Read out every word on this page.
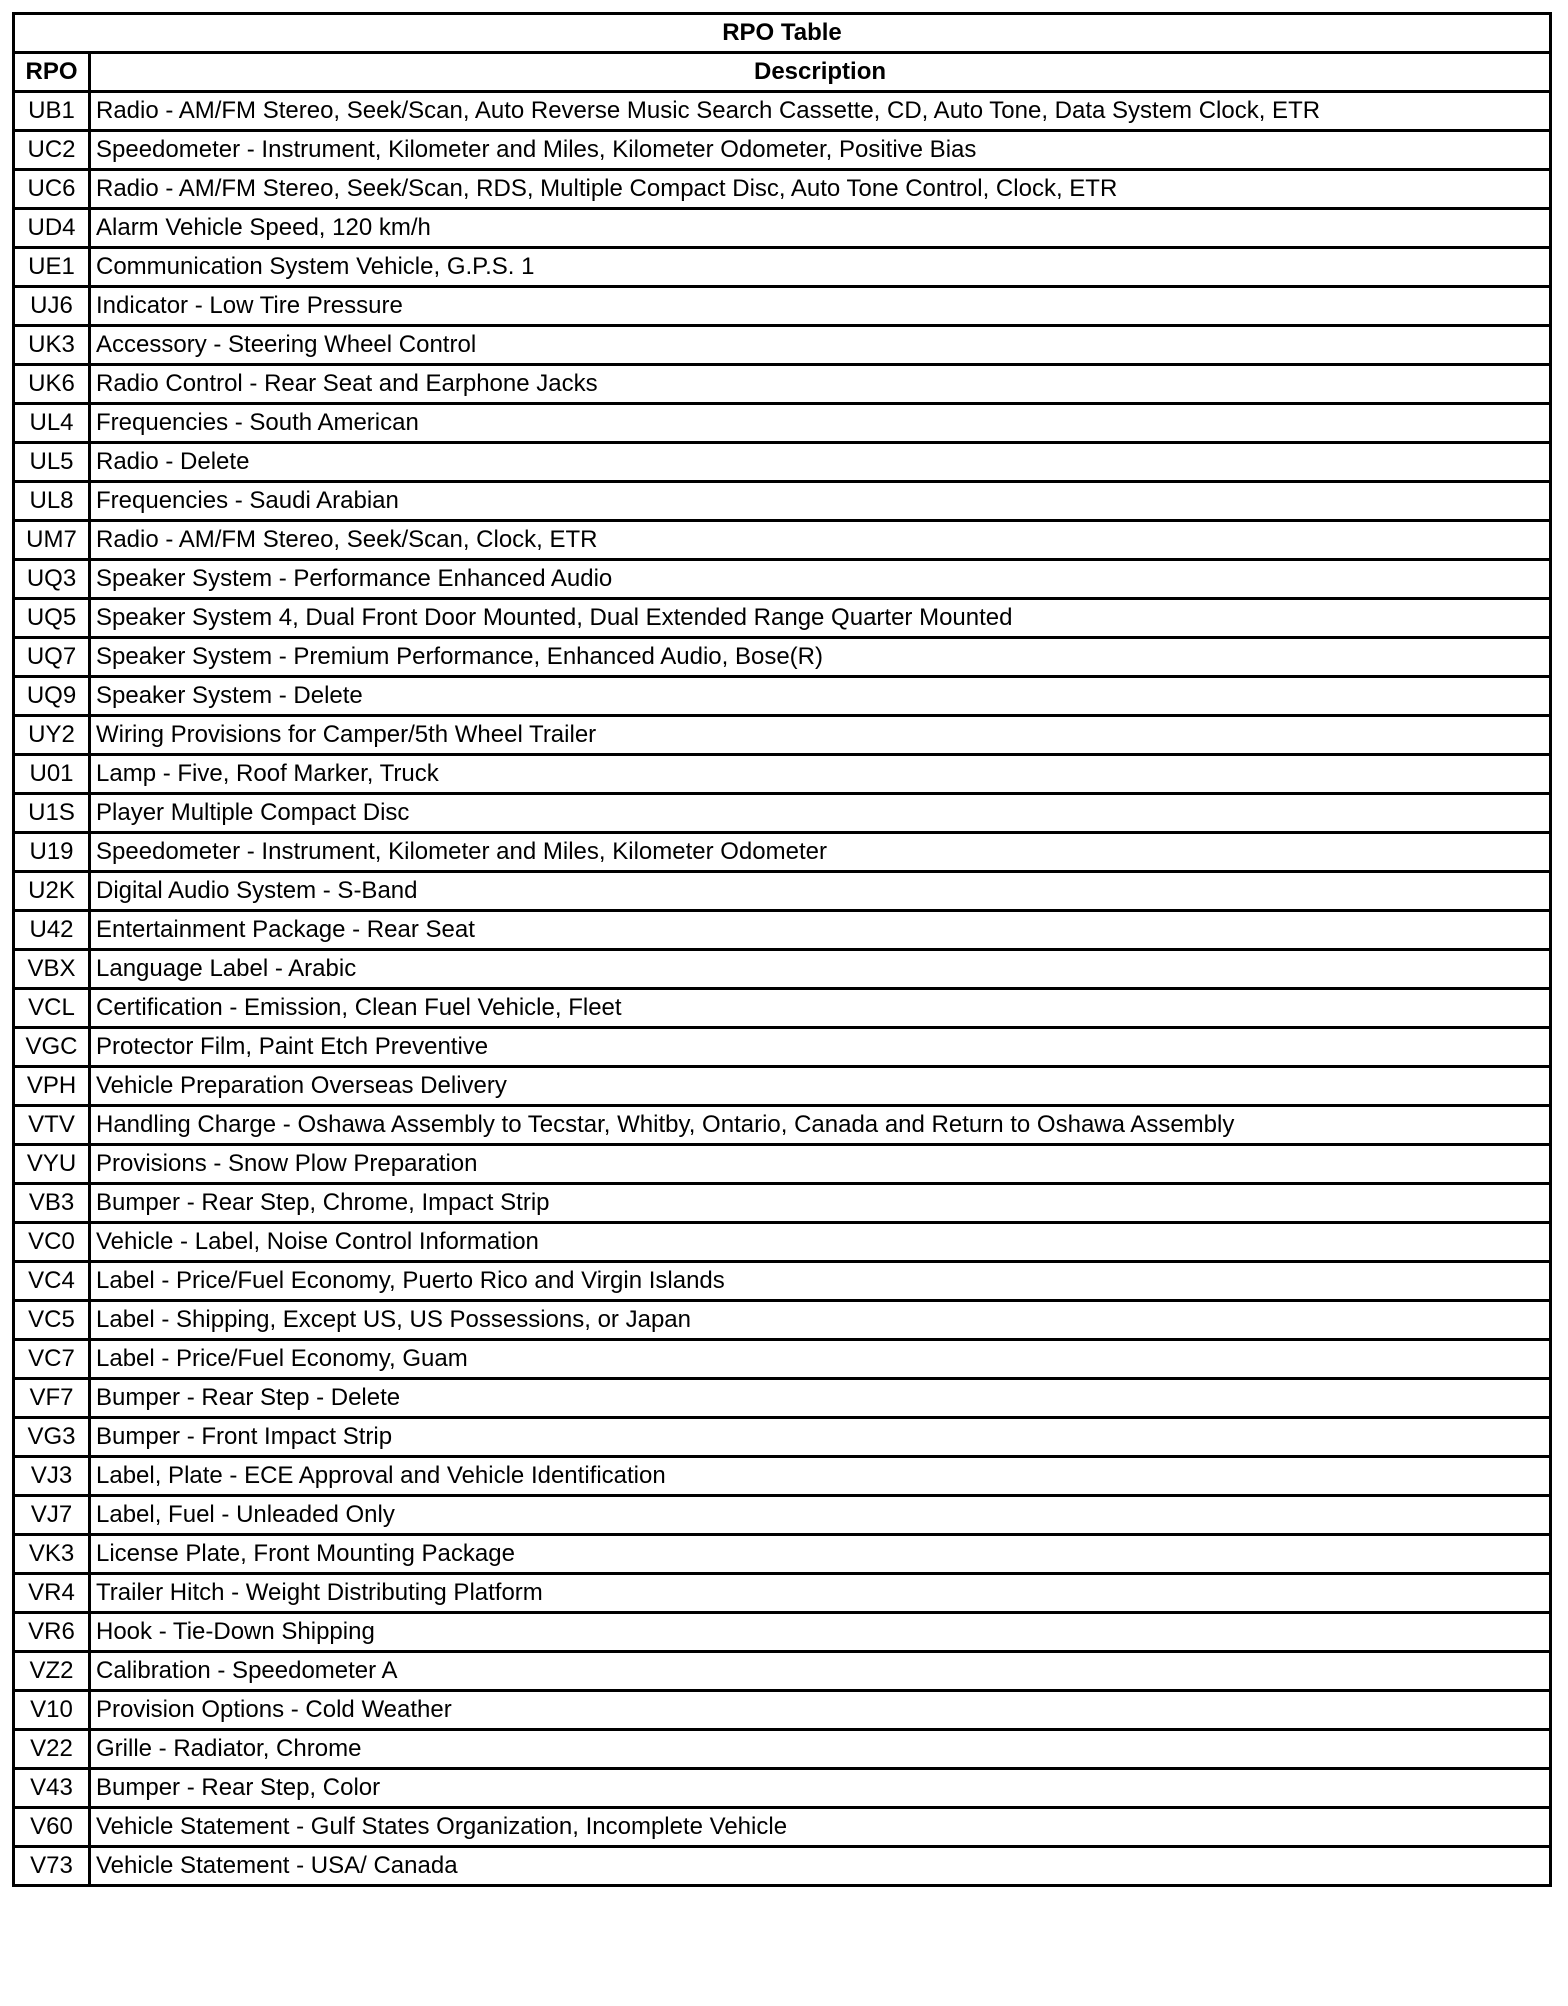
RPO Table	
RPO	Description
UB1	Radio - AM/FM Stereo, Seek/Scan, Auto Reverse Music Search Cassette, CD, Auto Tone, Data System Clock, ETR
UC2	Speedometer - Instrument, Kilometer and Miles, Kilometer Odometer, Positive Bias
UC6	Radio - AM/FM Stereo, Seek/Scan, RDS, Multiple Compact Disc, Auto Tone Control, Clock, ETR
UD4	Alarm Vehicle Speed, 120 km/h
UE1	Communication System Vehicle, G.P.S. 1
UJ6	Indicator - Low Tire Pressure
UK3	Accessory - Steering Wheel Control
UK6	Radio Control - Rear Seat and Earphone Jacks
UL4	Frequencies - South American
UL5	Radio - Delete
UL8	Frequencies - Saudi Arabian
UM7	Radio - AM/FM Stereo, Seek/Scan, Clock, ETR
UQ3	Speaker System - Performance Enhanced Audio
UQ5	Speaker System 4, Dual Front Door Mounted, Dual Extended Range Quarter Mounted
UQ7	Speaker System - Premium Performance, Enhanced Audio, Bose(R)
UQ9	Speaker System - Delete
UY2	Wiring Provisions for Camper/5th Wheel Trailer
U01	Lamp - Five, Roof Marker, Truck
U1S	Player Multiple Compact Disc
U19	Speedometer - Instrument, Kilometer and Miles, Kilometer Odometer
U2K	Digital Audio System - S-Band
U42	Entertainment Package - Rear Seat
VBX	Language Label - Arabic
VCL	Certification - Emission, Clean Fuel Vehicle, Fleet
VGC	Protector Film, Paint Etch Preventive
VPH	Vehicle Preparation Overseas Delivery
VTV	Handling Charge - Oshawa Assembly to Tecstar, Whitby, Ontario, Canada and Return to Oshawa Assembly
VYU	Provisions - Snow Plow Preparation
VB3	Bumper - Rear Step, Chrome, Impact Strip
VC0	Vehicle - Label, Noise Control Information
VC4	Label - Price/Fuel Economy, Puerto Rico and Virgin Islands
VC5	Label - Shipping, Except US, US Possessions, or Japan
VC7	Label - Price/Fuel Economy, Guam
VF7	Bumper - Rear Step - Delete
VG3	Bumper - Front Impact Strip
VJ3	Label, Plate - ECE Approval and Vehicle Identification
VJ7	Label, Fuel - Unleaded Only
VK3	License Plate, Front Mounting Package
VR4	Trailer Hitch - Weight Distributing Platform
VR6	Hook - Tie-Down Shipping
VZ2	Calibration - Speedometer A
V10	Provision Options - Cold Weather
V22	Grille - Radiator, Chrome
V43	Bumper - Rear Step, Color
V60	Vehicle Statement - Gulf States Organization, Incomplete Vehicle
V73	Vehicle Statement - USA/ Canada
